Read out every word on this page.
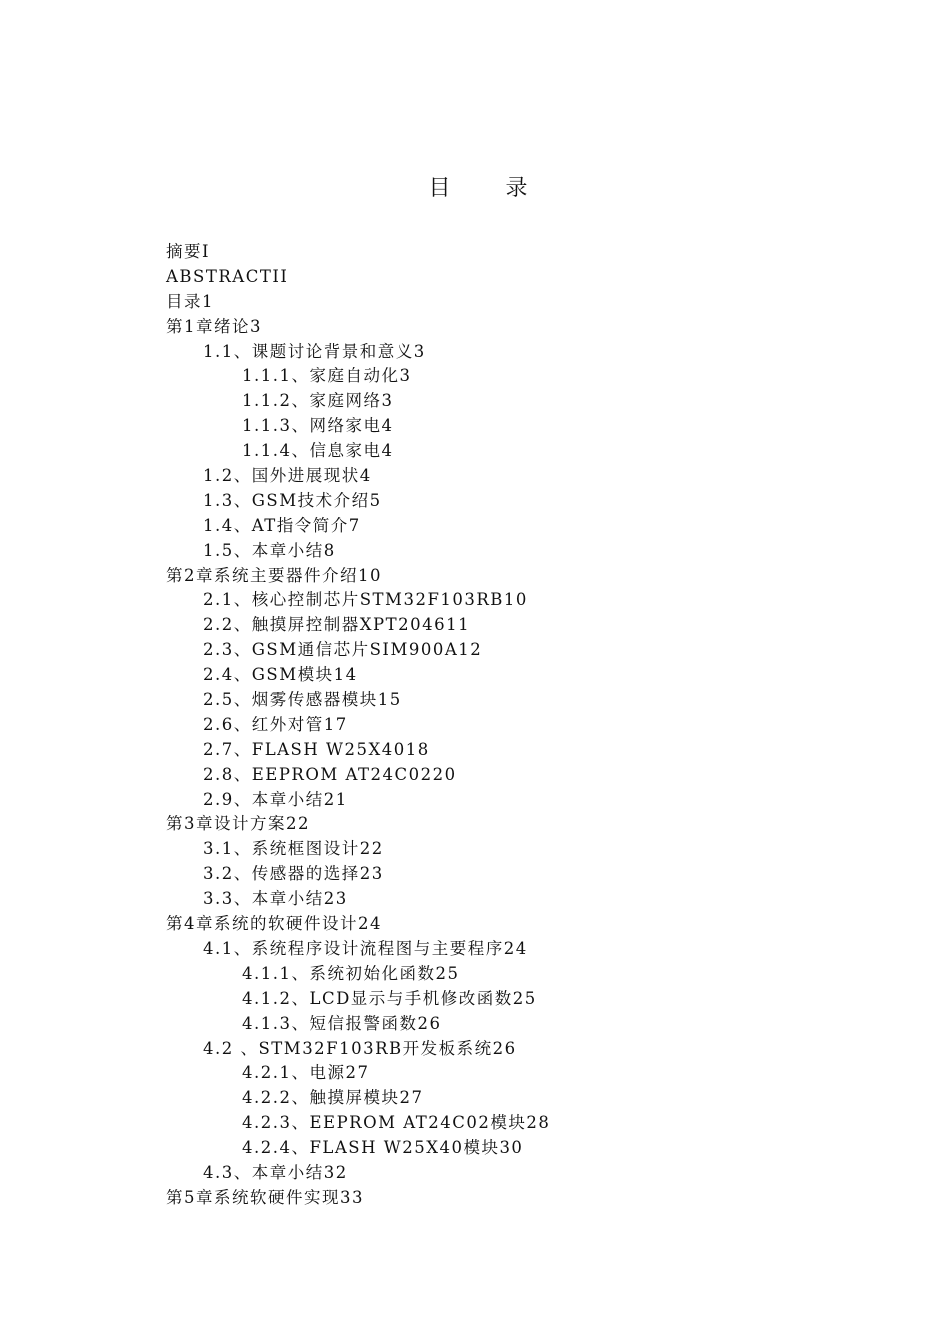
目 录
摘要I
ABSTRACTII
目录1
第1章绪论3
1.1、课题讨论背景和意义3
1.1.1、家庭自动化3
1.1.2、家庭网络3
1.1.3、网络家电4
1.1.4、信息家电4
1.2、国外进展现状4
1.3、GSM技术介绍5
1.4、AT指令简介7
1.5、本章小结8
第2章系统主要器件介绍10
2.1、核心控制芯片STM32F103RB10
2.2、触摸屏控制器XPT204611
2.3、GSM通信芯片SIM900A12
2.4、GSM模块14
2.5、烟雾传感器模块15
2.6、红外对管17
2.7、FLASH W25X4018
2.8、EEPROM AT24C0220
2.9、本章小结21
第3章设计方案22
3.1、系统框图设计22
3.2、传感器的选择23
3.3、本章小结23
第4章系统的软硬件设计24
4.1、系统程序设计流程图与主要程序24
4.1.1、系统初始化函数25
4.1.2、LCD显示与手机修改函数25
4.1.3、短信报警函数26
4.2 、STM32F103RB开发板系统26
4.2.1、电源27
4.2.2、触摸屏模块27
4.2.3、EEPROM AT24C02模块28
4.2.4、FLASH W25X40模块30
4.3、本章小结32
第5章系统软硬件实现33
